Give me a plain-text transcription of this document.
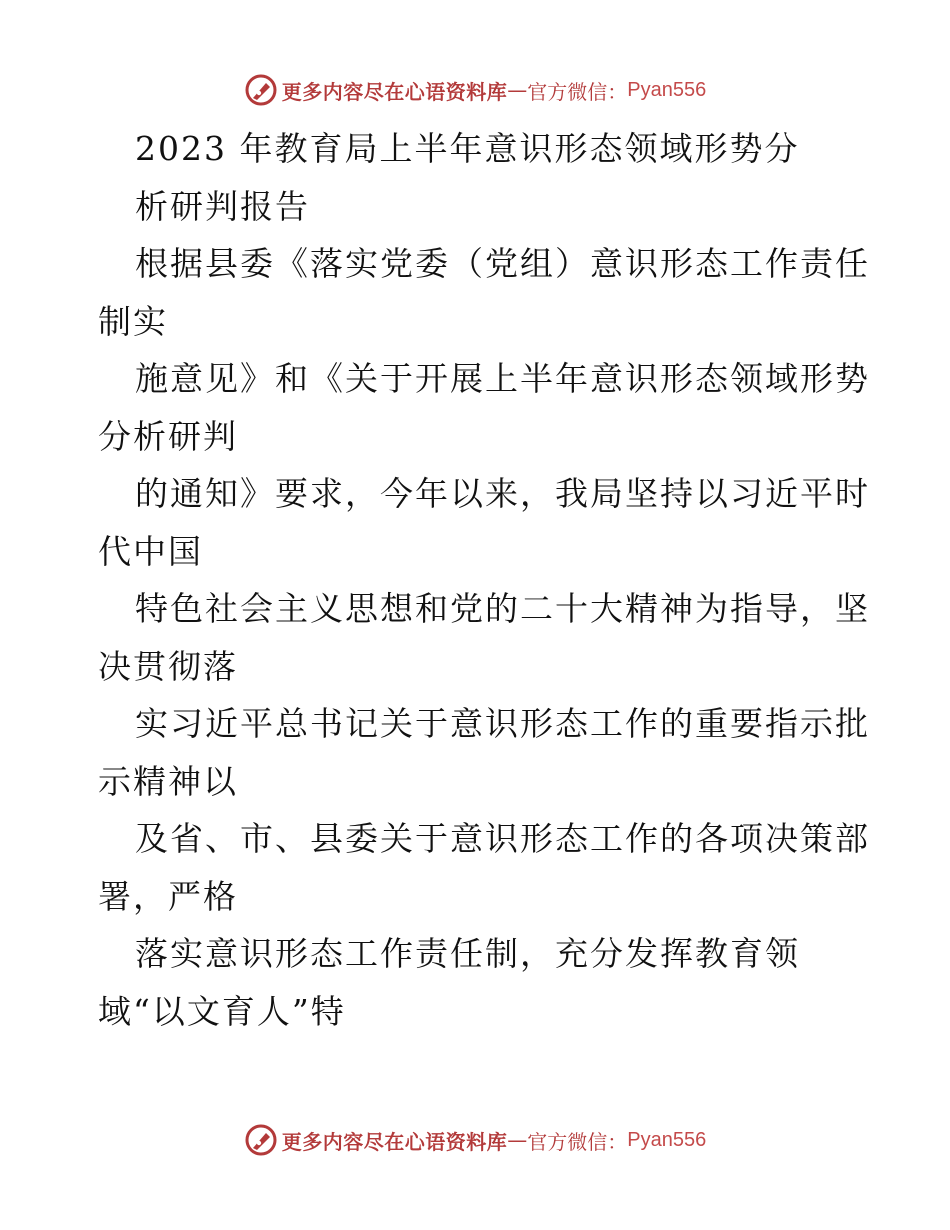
更多内容尽在心语资料库 — 官方微信： Pyan556
2023 年教育局上半年意识形态领域形势分
析研判报告
根据县委《落实党委（党组）意识形态工作责任
制实
施意见》和《关于开展上半年意识形态领域形势
分析研判
的通知》要求，今年以来，我局坚持以习近平时
代中国
特色社会主义思想和党的二十大精神为指导，坚
决贯彻落
实习近平总书记关于意识形态工作的重要指示批
示精神以
及省、市、县委关于意识形态工作的各项决策部
署，严格
落实意识形态工作责任制，充分发挥教育领
域“以文育人”特
更多内容尽在心语资料库 — 官方微信： Pyan556
